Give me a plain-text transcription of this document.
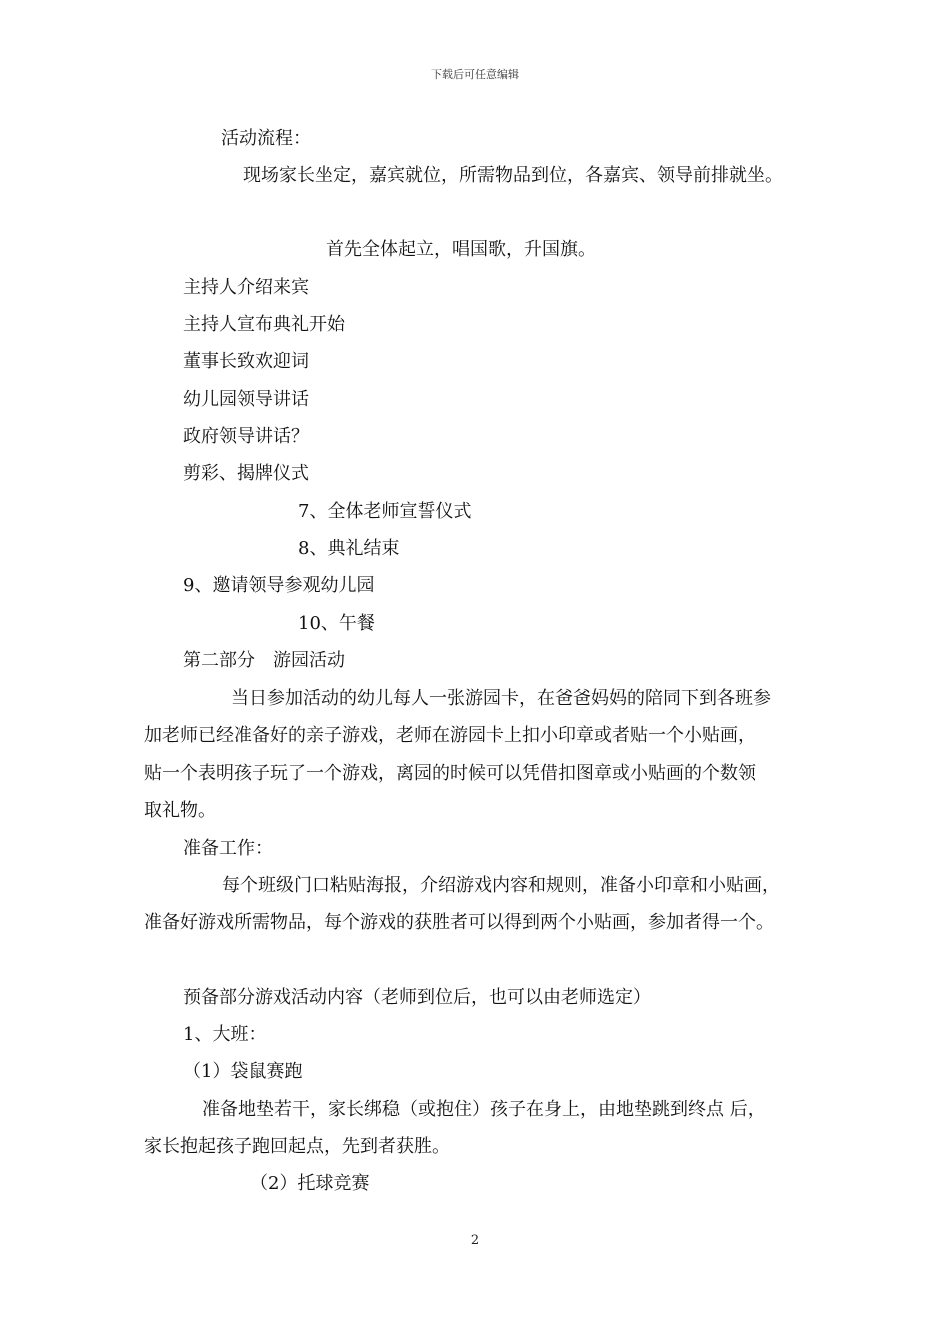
下载后可任意编辑
活动流程：
现场家长坐定，嘉宾就位，所需物品到位，各嘉宾、领导前排就坐。
首先全体起立，唱国歌，升国旗。
主持人介绍来宾
主持人宣布典礼开始
董事长致欢迎词
幼儿园领导讲话
政府领导讲话？
剪彩、揭牌仪式
7、全体老师宣誓仪式
8、典礼结束
9、邀请领导参观幼儿园
10、午餐
第二部分　游园活动
当日参加活动的幼儿每人一张游园卡，在爸爸妈妈的陪同下到各班参
加老师已经准备好的亲子游戏，老师在游园卡上扣小印章或者贴一个小贴画，
贴一个表明孩子玩了一个游戏，离园的时候可以凭借扣图章或小贴画的个数领
取礼物。
准备工作：
每个班级门口粘贴海报，介绍游戏内容和规则，准备小印章和小贴画，
准备好游戏所需物品，每个游戏的获胜者可以得到两个小贴画，参加者得一个。
预备部分游戏活动内容（老师到位后，也可以由老师选定）
1、大班：
（1）袋鼠赛跑
准备地垫若干，家长绑稳（或抱住）孩子在身上，由地垫跳到终点 后，
家长抱起孩子跑回起点，先到者获胜。
（2）托球竞赛
2
